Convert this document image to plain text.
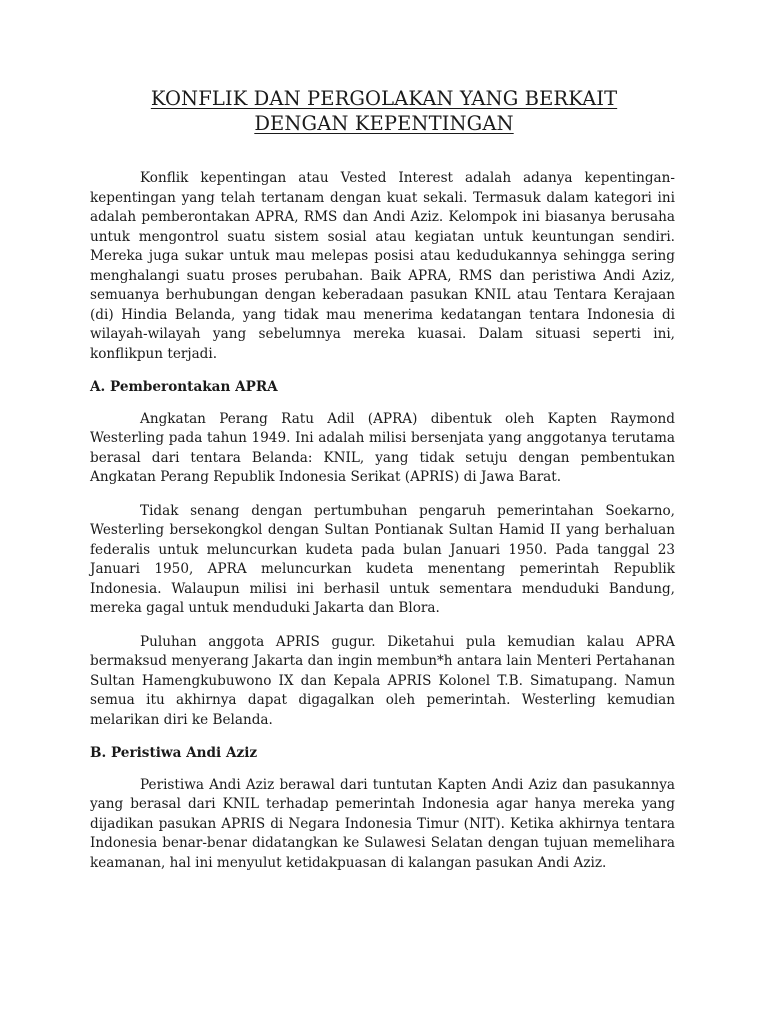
KONFLIK DAN PERGOLAKAN YANG BERKAIT
DENGAN KEPENTINGAN

Konflik kepentingan atau Vested Interest adalah adanya kepentingan-kepentingan yang telah tertanam dengan kuat sekali. Termasuk dalam kategori ini adalah pemberontakan APRA, RMS dan Andi Aziz. Kelompok ini biasanya berusaha untuk mengontrol suatu sistem sosial atau kegiatan untuk keuntungan sendiri. Mereka juga sukar untuk mau melepas posisi atau kedudukannya sehingga sering menghalangi suatu proses perubahan. Baik APRA, RMS dan peristiwa Andi Aziz, semuanya berhubungan dengan keberadaan pasukan KNIL atau Tentara Kerajaan (di) Hindia Belanda, yang tidak mau menerima kedatangan tentara Indonesia di wilayah-wilayah yang sebelumnya mereka kuasai. Dalam situasi seperti ini, konflikpun terjadi.

A. Pemberontakan APRA

Angkatan Perang Ratu Adil (APRA) dibentuk oleh Kapten Raymond Westerling pada tahun 1949. Ini adalah milisi bersenjata yang anggotanya terutama berasal dari tentara Belanda: KNIL, yang tidak setuju dengan pembentukan Angkatan Perang Republik Indonesia Serikat (APRIS) di Jawa Barat.

Tidak senang dengan pertumbuhan pengaruh pemerintahan Soekarno, Westerling bersekongkol dengan Sultan Pontianak Sultan Hamid II yang berhaluan federalis untuk meluncurkan kudeta pada bulan Januari 1950. Pada tanggal 23 Januari 1950, APRA meluncurkan kudeta menentang pemerintah Republik Indonesia. Walaupun milisi ini berhasil untuk sementara menduduki Bandung, mereka gagal untuk menduduki Jakarta dan Blora.

Puluhan anggota APRIS gugur. Diketahui pula kemudian kalau APRA bermaksud menyerang Jakarta dan ingin membun*h antara lain Menteri Pertahanan Sultan Hamengkubuwono IX dan Kepala APRIS Kolonel T.B. Simatupang. Namun semua itu akhirnya dapat digagalkan oleh pemerintah. Westerling kemudian melarikan diri ke Belanda.

B. Peristiwa Andi Aziz

Peristiwa Andi Aziz berawal dari tuntutan Kapten Andi Aziz dan pasukannya yang berasal dari KNIL terhadap pemerintah Indonesia agar hanya mereka yang dijadikan pasukan APRIS di Negara Indonesia Timur (NIT). Ketika akhirnya tentara Indonesia benar-benar didatangkan ke Sulawesi Selatan dengan tujuan memelihara keamanan, hal ini menyulut ketidakpuasan di kalangan pasukan Andi Aziz.
